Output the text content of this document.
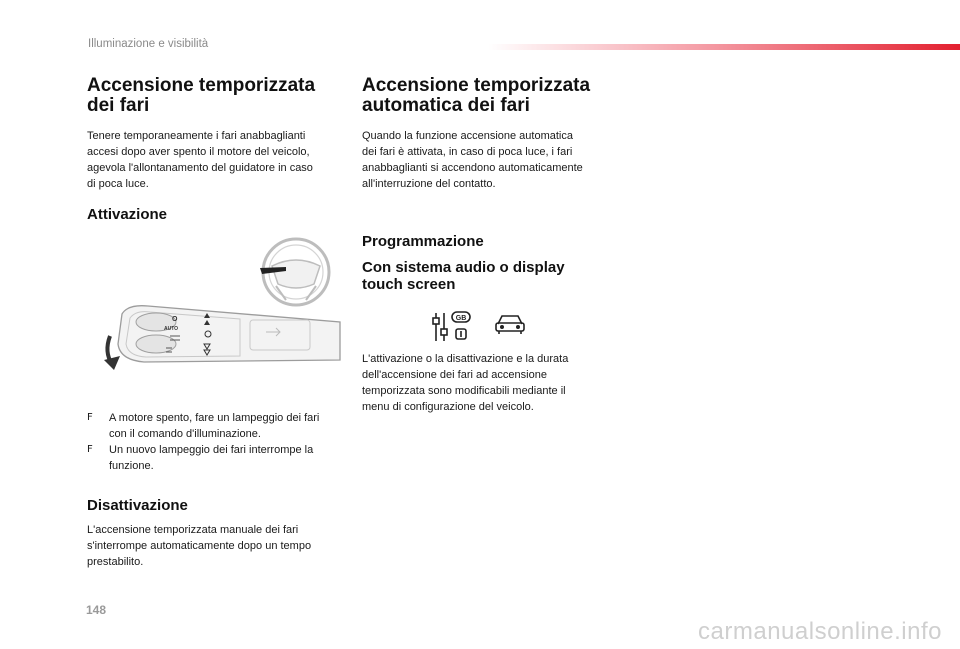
Illuminazione e visibilità
Accensione temporizzata
dei fari

Tenere temporaneamente i fari anabbaglianti
accesi dopo aver spento il motore del veicolo,
agevola l'allontanamento del guidatore in caso
di poca luce.

Attivazione
O
AUTO
F A motore spento, fare un lampeggio dei fari
con il comando d'illuminazione.
F Un nuovo lampeggio dei fari interrompe la
funzione.
Disattivazione

L'accensione temporizzata manuale dei fari
s'interrompe automaticamente dopo un tempo
prestabilito.

Accensione temporizzata
automatica dei fari

Quando la funzione accensione automatica
dei fari è attivata, in caso di poca luce, i fari
anabbaglianti si accendono automaticamente
all'interruzione del contatto.

Programmazione
Con sistema audio o display
touch screen
GB

L'attivazione o la disattivazione e la durata
dell'accensione dei fari ad accensione
temporizzata sono modificabili mediante il
menu di configurazione del veicolo.

148
carmanualsonline.info
